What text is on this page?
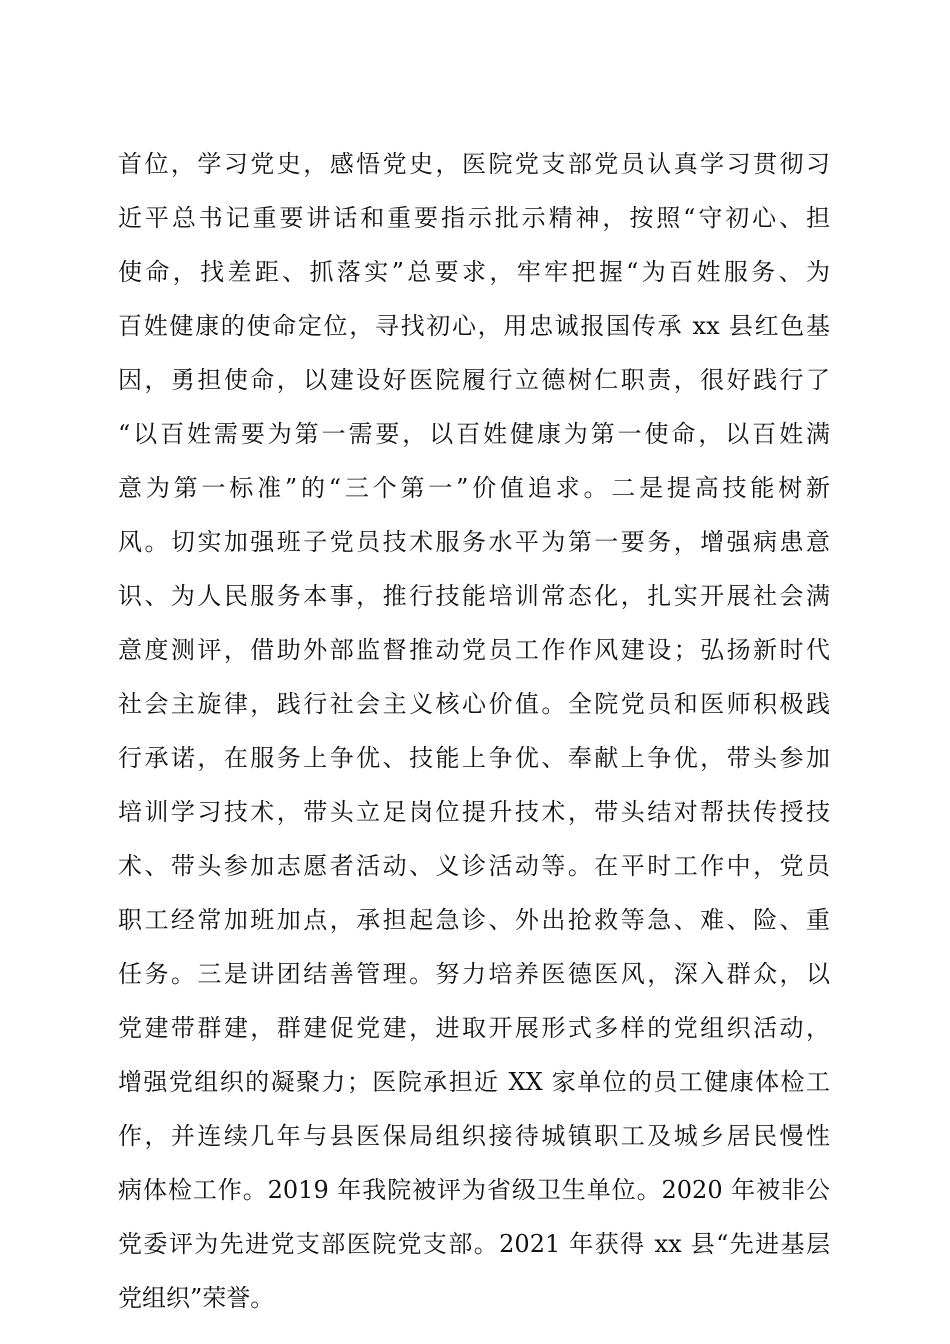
首位，学习党史，感悟党史，医院党支部党员认真学习贯彻习
近平总书记重要讲话和重要指示批示精神，按照“守初心、担
使命，找差距、抓落实”总要求，牢牢把握“为百姓服务、为
百姓健康的使命定位，寻找初心，用忠诚报国传承 xx 县红色基
因，勇担使命，以建设好医院履行立德树仁职责，很好践行了
“以百姓需要为第一需要，以百姓健康为第一使命，以百姓满
意为第一标准”的“三个第一”价值追求。二是提高技能树新
风。切实加强班子党员技术服务水平为第一要务，增强病患意
识、为人民服务本事，推行技能培训常态化，扎实开展社会满
意度测评，借助外部监督推动党员工作作风建设；弘扬新时代
社会主旋律，践行社会主义核心价值。全院党员和医师积极践
行承诺，在服务上争优、技能上争优、奉献上争优，带头参加
培训学习技术，带头立足岗位提升技术，带头结对帮扶传授技
术、带头参加志愿者活动、义诊活动等。在平时工作中，党员
职工经常加班加点，承担起急诊、外出抢救等急、难、险、重
任务。三是讲团结善管理。努力培养医德医风，深入群众，以
党建带群建，群建促党建，进取开展形式多样的党组织活动，
增强党组织的凝聚力；医院承担近 XX 家单位的员工健康体检工
作，并连续几年与县医保局组织接待城镇职工及城乡居民慢性
病体检工作。2019 年我院被评为省级卫生单位。2020 年被非公
党委评为先进党支部医院党支部。2021 年获得 xx 县“先进基层
党组织”荣誉。
